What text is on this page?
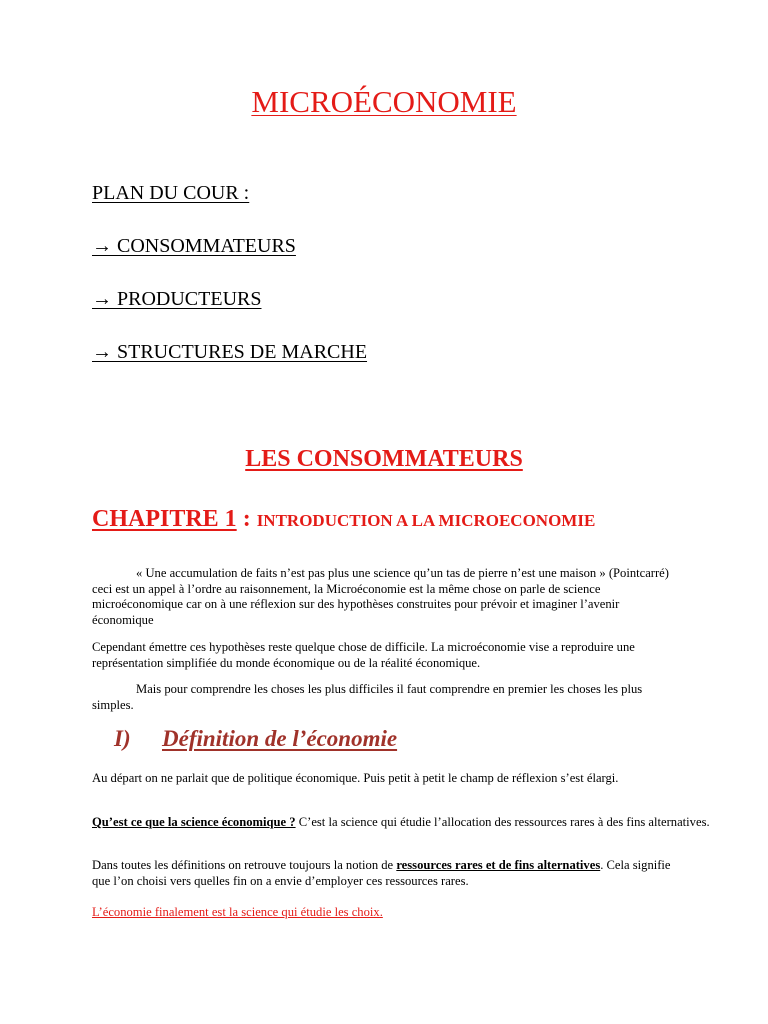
MICROÉCONOMIE
PLAN DU COUR :
→ CONSOMMATEURS
→ PRODUCTEURS
→ STRUCTURES DE MARCHE
LES CONSOMMATEURS
CHAPITRE 1 : INTRODUCTION A LA MICROECONOMIE
« Une accumulation de faits n’est pas plus une science qu’un tas de pierre n’est une maison » (Pointcarré) ceci est un appel à l’ordre au raisonnement, la Microéconomie est la même chose on parle de science microéconomique car on à une réflexion sur des hypothèses construites pour prévoir et imaginer l’avenir économique
Cependant émettre ces hypothèses reste quelque chose de difficile. La microéconomie vise a reproduire une représentation simplifiée du monde économique ou de la réalité économique.
Mais pour comprendre les choses les plus difficiles il faut comprendre en premier les choses les plus simples.
I) Définition de l’économie
Au départ on ne parlait que de politique économique. Puis petit à petit le champ de réflexion s’est élargi.
Qu’est ce que la science économique ? C’est la science qui étudie l’allocation des ressources rares à des fins alternatives.
Dans toutes les définitions on retrouve toujours la notion de ressources rares et de fins alternatives. Cela signifie que l’on choisi vers quelles fin on a envie d’employer ces ressources rares.
L’économie finalement est la science qui étudie les choix.
